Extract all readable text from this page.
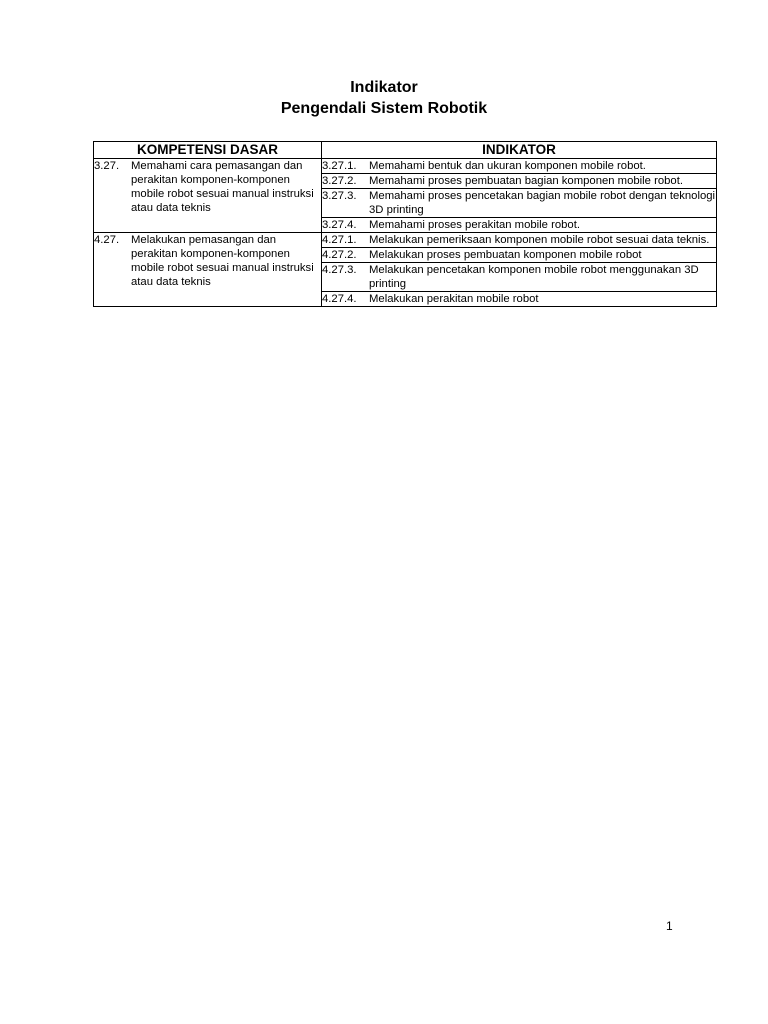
Indikator
Pengendali Sistem Robotik
KOMPETENSI DASAR	INDIKATOR

3.27. Memahami cara pemasangan dan perakitan komponen-komponen mobile robot sesuai manual instruksi atau data teknis	3.27.1. Memahami bentuk dan ukuran komponen mobile robot.

	3.27.2. Memahami proses pembuatan bagian komponen mobile robot.

	3.27.3. Memahami proses pencetakan bagian mobile robot dengan teknologi 3D printing

	3.27.4. Memahami proses perakitan mobile robot.

4.27. Melakukan pemasangan dan perakitan komponen-komponen mobile robot sesuai manual instruksi atau data teknis	4.27.1. Melakukan pemeriksaan komponen mobile robot sesuai data teknis.

	4.27.2. Melakukan proses pembuatan komponen mobile robot

	4.27.3. Melakukan pencetakan komponen mobile robot menggunakan 3D printing

	4.27.4. Melakukan perakitan mobile robot
1
